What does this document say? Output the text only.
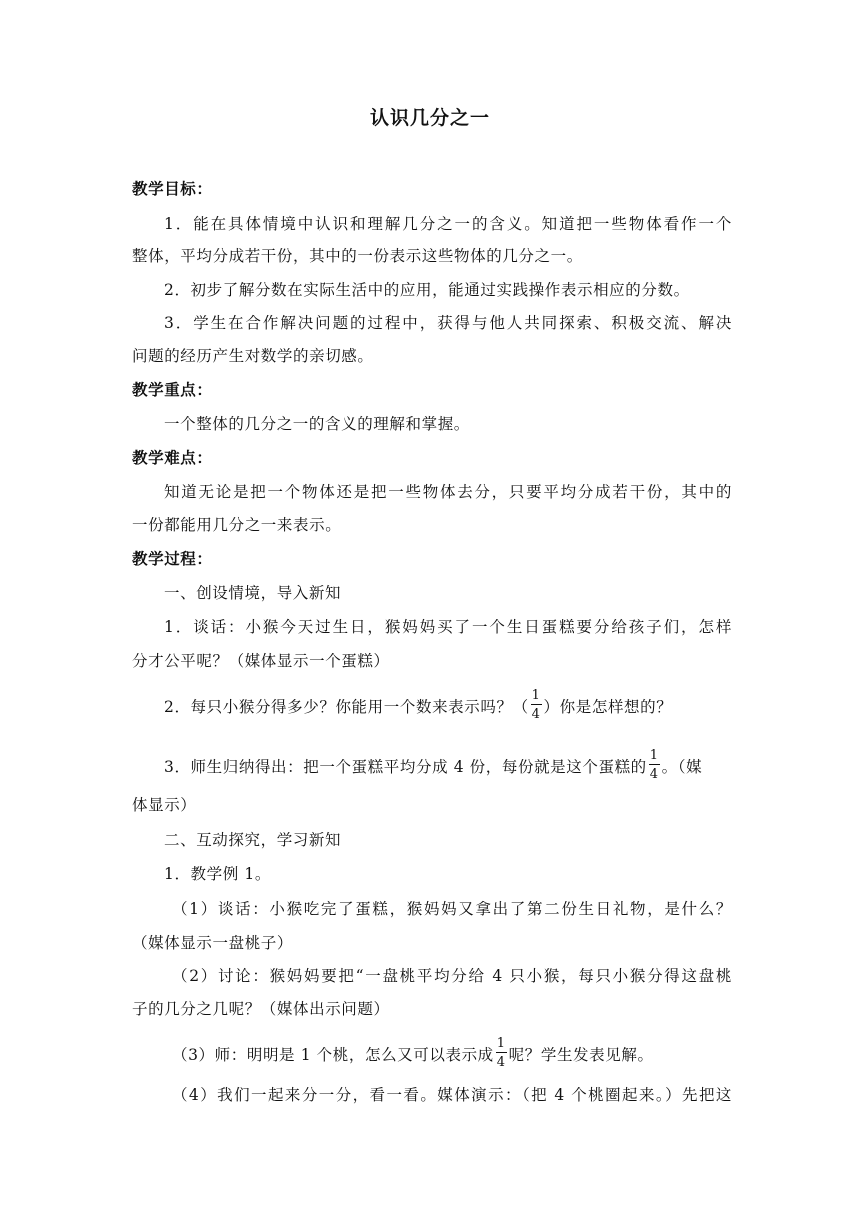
认识几分之一
教学目标：
1．能在具体情境中认识和理解几分之一的含义。知道把一些物体看作一个
整体，平均分成若干份，其中的一份表示这些物体的几分之一。
2．初步了解分数在实际生活中的应用，能通过实践操作表示相应的分数。
3．学生在合作解决问题的过程中，获得与他人共同探索、积极交流、解决
问题的经历产生对数学的亲切感。
教学重点：
一个整体的几分之一的含义的理解和掌握。
教学难点：
知道无论是把一个物体还是把一些物体去分，只要平均分成若干份，其中的
一份都能用几分之一来表示。
教学过程：
一、创设情境，导入新知
1．谈话：小猴今天过生日，猴妈妈买了一个生日蛋糕要分给孩子们，怎样
分才公平呢？（媒体显示一个蛋糕）
2．每只小猴分得多少？你能用一个数来表示吗？（ $\frac{1}{4}$ ）你是怎样想的？
3．师生归纳得出：把一个蛋糕平均分成 4 份，每份就是这个蛋糕的 $\frac{1}{4}$ 。（媒
体显示）
二、互动探究，学习新知
1．教学例 1。
（1）谈话：小猴吃完了蛋糕，猴妈妈又拿出了第二份生日礼物，是什么？
（媒体显示一盘桃子）
（2）讨论：猴妈妈要把“一盘桃平均分给 4 只小猴，每只小猴分得这盘桃
子的几分之几呢？（媒体出示问题）
（3）师：明明是 1 个桃，怎么又可以表示成 $\frac{1}{4}$ 呢？学生发表见解。
（4）我们一起来分一分，看一看。媒体演示：（把 4 个桃圈起来。）先把这
